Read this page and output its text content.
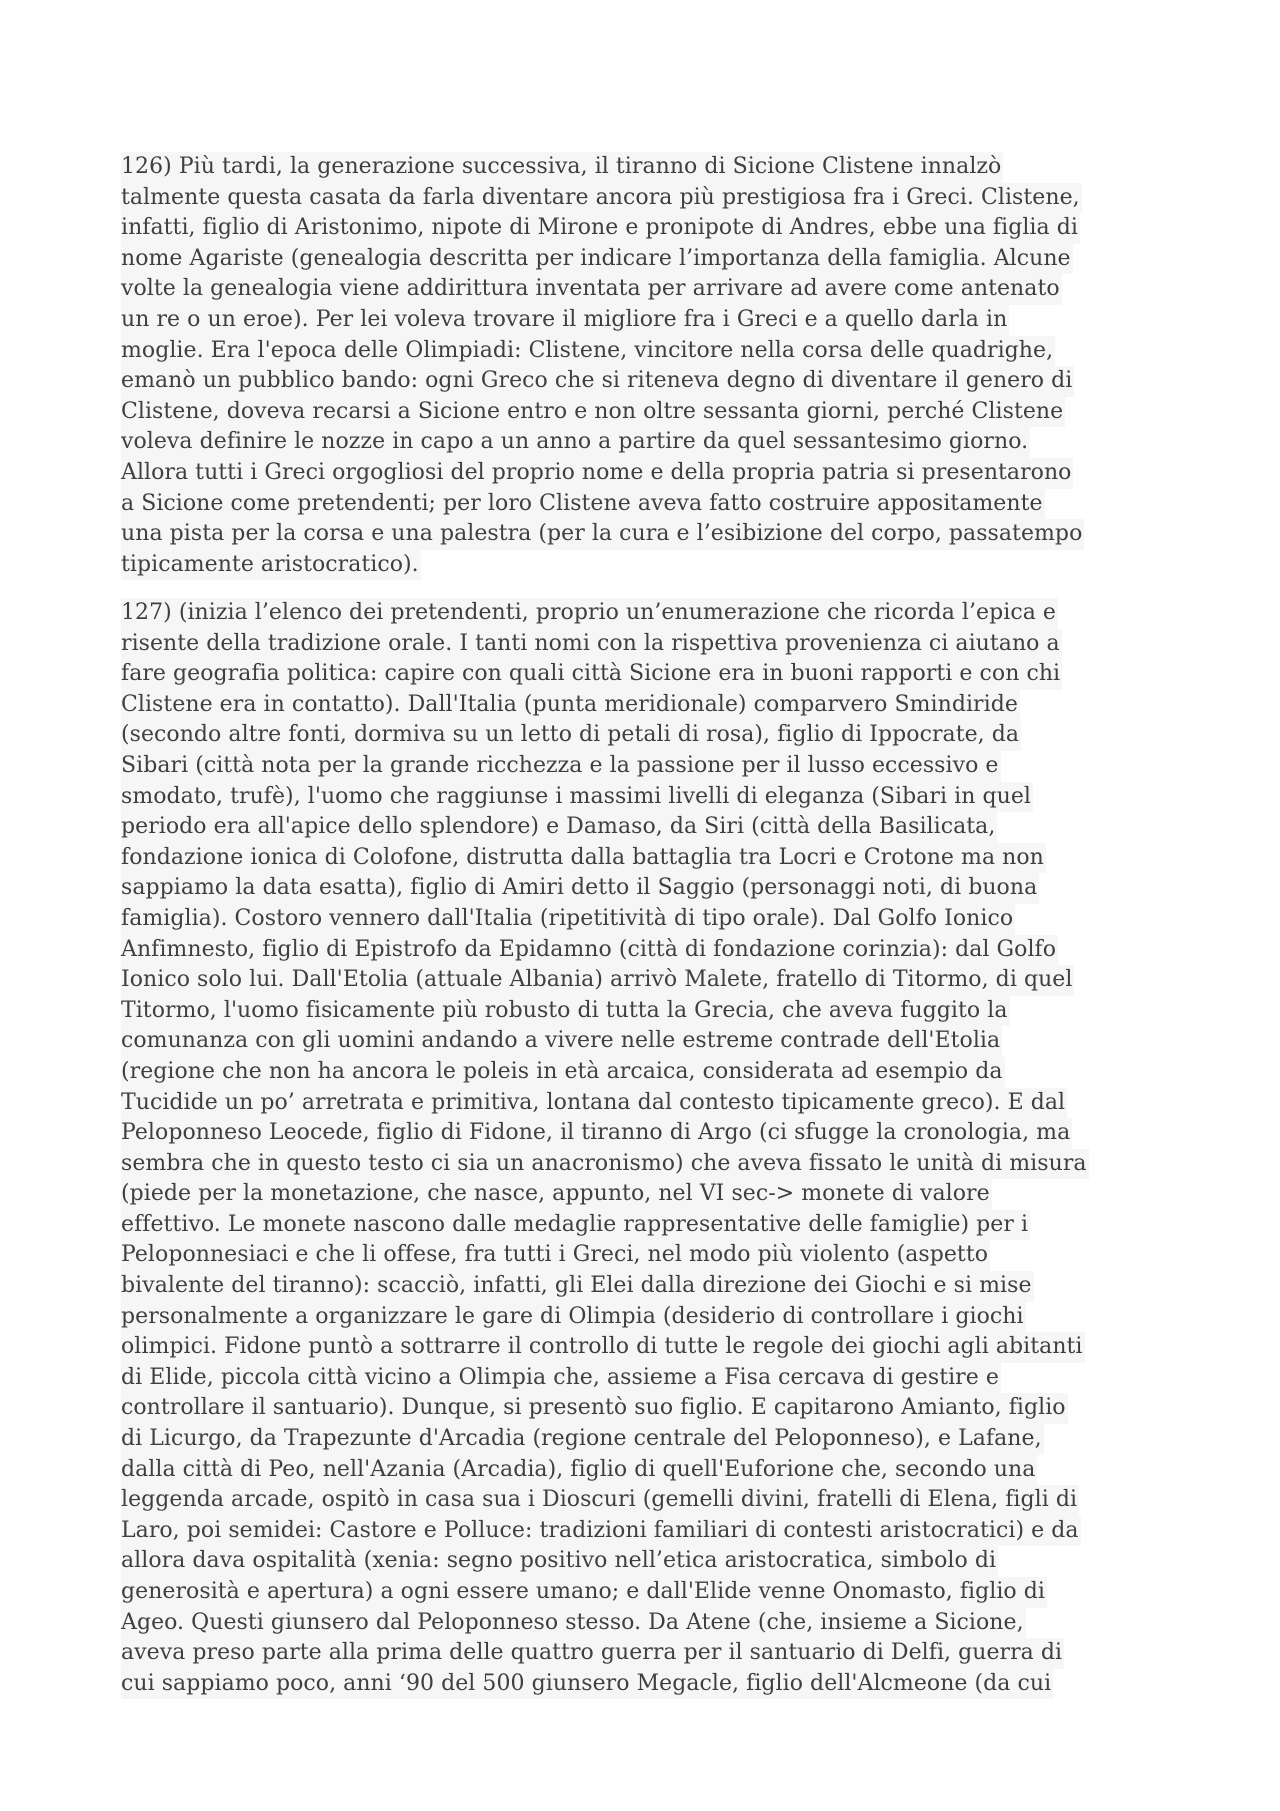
126) Più tardi, la generazione successiva, il tiranno di Sicione Clistene innalzò
talmente questa casata da farla diventare ancora più prestigiosa fra i Greci. Clistene,
infatti, figlio di Aristonimo, nipote di Mirone e pronipote di Andres, ebbe una figlia di
nome Agariste (genealogia descritta per indicare l’importanza della famiglia. Alcune
volte la genealogia viene addirittura inventata per arrivare ad avere come antenato
un re o un eroe). Per lei voleva trovare il migliore fra i Greci e a quello darla in
moglie. Era l'epoca delle Olimpiadi: Clistene, vincitore nella corsa delle quadrighe,
emanò un pubblico bando: ogni Greco che si riteneva degno di diventare il genero di
Clistene, doveva recarsi a Sicione entro e non oltre sessanta giorni, perché Clistene
voleva definire le nozze in capo a un anno a partire da quel sessantesimo giorno.
Allora tutti i Greci orgogliosi del proprio nome e della propria patria si presentarono
a Sicione come pretendenti; per loro Clistene aveva fatto costruire appositamente
una pista per la corsa e una palestra (per la cura e l’esibizione del corpo, passatempo
tipicamente aristocratico).
127) (inizia l’elenco dei pretendenti, proprio un’enumerazione che ricorda l’epica e
risente della tradizione orale. I tanti nomi con la rispettiva provenienza ci aiutano a
fare geografia politica: capire con quali città Sicione era in buoni rapporti e con chi
Clistene era in contatto). Dall'Italia (punta meridionale) comparvero Smindiride
(secondo altre fonti, dormiva su un letto di petali di rosa), figlio di Ippocrate, da
Sibari (città nota per la grande ricchezza e la passione per il lusso eccessivo e
smodato, trufè), l'uomo che raggiunse i massimi livelli di eleganza (Sibari in quel
periodo era all'apice dello splendore) e Damaso, da Siri (città della Basilicata,
fondazione ionica di Colofone, distrutta dalla battaglia tra Locri e Crotone ma non
sappiamo la data esatta), figlio di Amiri detto il Saggio (personaggi noti, di buona
famiglia). Costoro vennero dall'Italia (ripetitività di tipo orale). Dal Golfo Ionico
Anfimnesto, figlio di Epistrofo da Epidamno (città di fondazione corinzia): dal Golfo
Ionico solo lui. Dall'Etolia (attuale Albania) arrivò Malete, fratello di Titormo, di quel
Titormo, l'uomo fisicamente più robusto di tutta la Grecia, che aveva fuggito la
comunanza con gli uomini andando a vivere nelle estreme contrade dell'Etolia
(regione che non ha ancora le poleis in età arcaica, considerata ad esempio da
Tucidide un po’ arretrata e primitiva, lontana dal contesto tipicamente greco). E dal
Peloponneso Leocede, figlio di Fidone, il tiranno di Argo (ci sfugge la cronologia, ma
sembra che in questo testo ci sia un anacronismo) che aveva fissato le unità di misura
(piede per la monetazione, che nasce, appunto, nel VI sec-> monete di valore
effettivo. Le monete nascono dalle medaglie rappresentative delle famiglie) per i
Peloponnesiaci e che li offese, fra tutti i Greci, nel modo più violento (aspetto
bivalente del tiranno): scacciò, infatti, gli Elei dalla direzione dei Giochi e si mise
personalmente a organizzare le gare di Olimpia (desiderio di controllare i giochi
olimpici. Fidone puntò a sottrarre il controllo di tutte le regole dei giochi agli abitanti
di Elide, piccola città vicino a Olimpia che, assieme a Fisa cercava di gestire e
controllare il santuario). Dunque, si presentò suo figlio. E capitarono Amianto, figlio
di Licurgo, da Trapezunte d'Arcadia (regione centrale del Peloponneso), e Lafane,
dalla città di Peo, nell'Azania (Arcadia), figlio di quell'Euforione che, secondo una
leggenda arcade, ospitò in casa sua i Dioscuri (gemelli divini, fratelli di Elena, figli di
Laro, poi semidei: Castore e Polluce: tradizioni familiari di contesti aristocratici) e da
allora dava ospitalità (xenia: segno positivo nell’etica aristocratica, simbolo di
generosità e apertura) a ogni essere umano; e dall'Elide venne Onomasto, figlio di
Ageo. Questi giunsero dal Peloponneso stesso. Da Atene (che, insieme a Sicione,
aveva preso parte alla prima delle quattro guerra per il santuario di Delfi, guerra di
cui sappiamo poco, anni ‘90 del 500 giunsero Megacle, figlio dell'Alcmeone (da cui
